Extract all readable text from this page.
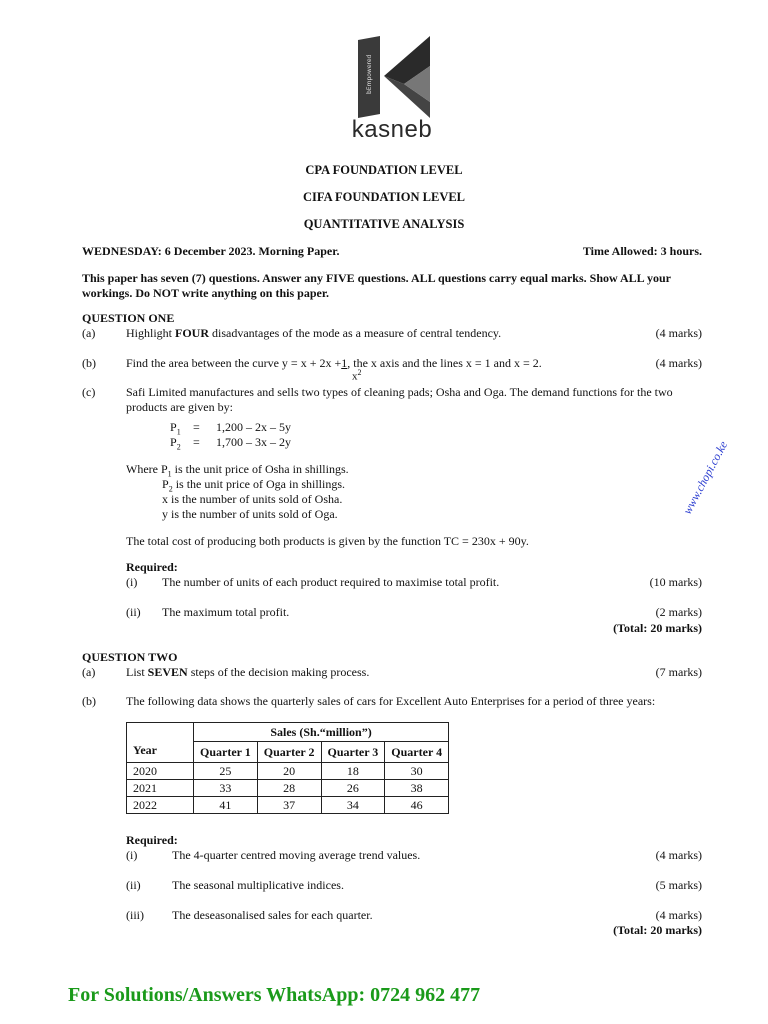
bEmpowered
kasneb
CPA FOUNDATION LEVEL
CIFA FOUNDATION LEVEL
QUANTITATIVE ANALYSIS
WEDNESDAY: 6 December 2023. Morning Paper.	Time Allowed: 3 hours.
This paper has seven (7) questions. Answer any FIVE questions. ALL questions carry equal marks. Show ALL your workings. Do NOT write anything on this paper.
QUESTION ONE
(a)	Highlight FOUR disadvantages of the mode as a measure of central tendency.	(4 marks)
(b)	Find the area between the curve y = x + 2x +1, the x axis and the lines x = 1 and x = 2.
$x^2$
(4 marks)
(c)	Safi Limited manufactures and sells two types of cleaning pads; Osha and Oga. The demand functions for the two products are given by:
$P_1 = 1,200 - 2x - 5y$
$P_2 = 1,700 - 3x - 2y$
Where $P_1$ is the unit price of Osha in shillings.
$P_2$ is the unit price of Oga in shillings.
x is the number of units sold of Osha.
y is the number of units sold of Oga.
The total cost of producing both products is given by the function TC = 230x + 90y.
Required:
(i) The number of units of each product required to maximise total profit.	(10 marks)
(ii) The maximum total profit.	(2 marks)
(Total: 20 marks)
QUESTION TWO
(a)	List SEVEN steps of the decision making process.	(7 marks)
(b)	The following data shows the quarterly sales of cars for Excellent Auto Enterprises for a period of three years:
Year	Sales (Sh.“million”)			
	Quarter 1	Quarter 2	Quarter 3	Quarter 4
2020	25	20	18	30
2021	33	28	26	38
2022	41	37	34	46
Required:
(i)	The 4-quarter centred moving average trend values.	(4 marks)
(ii)	The seasonal multiplicative indices.	(5 marks)
(iii) The deseasonalised sales for each quarter.	(4 marks)
(Total: 20 marks)
www.chopi.co.ke
For Solutions/Answers WhatsApp: 0724 962 477
